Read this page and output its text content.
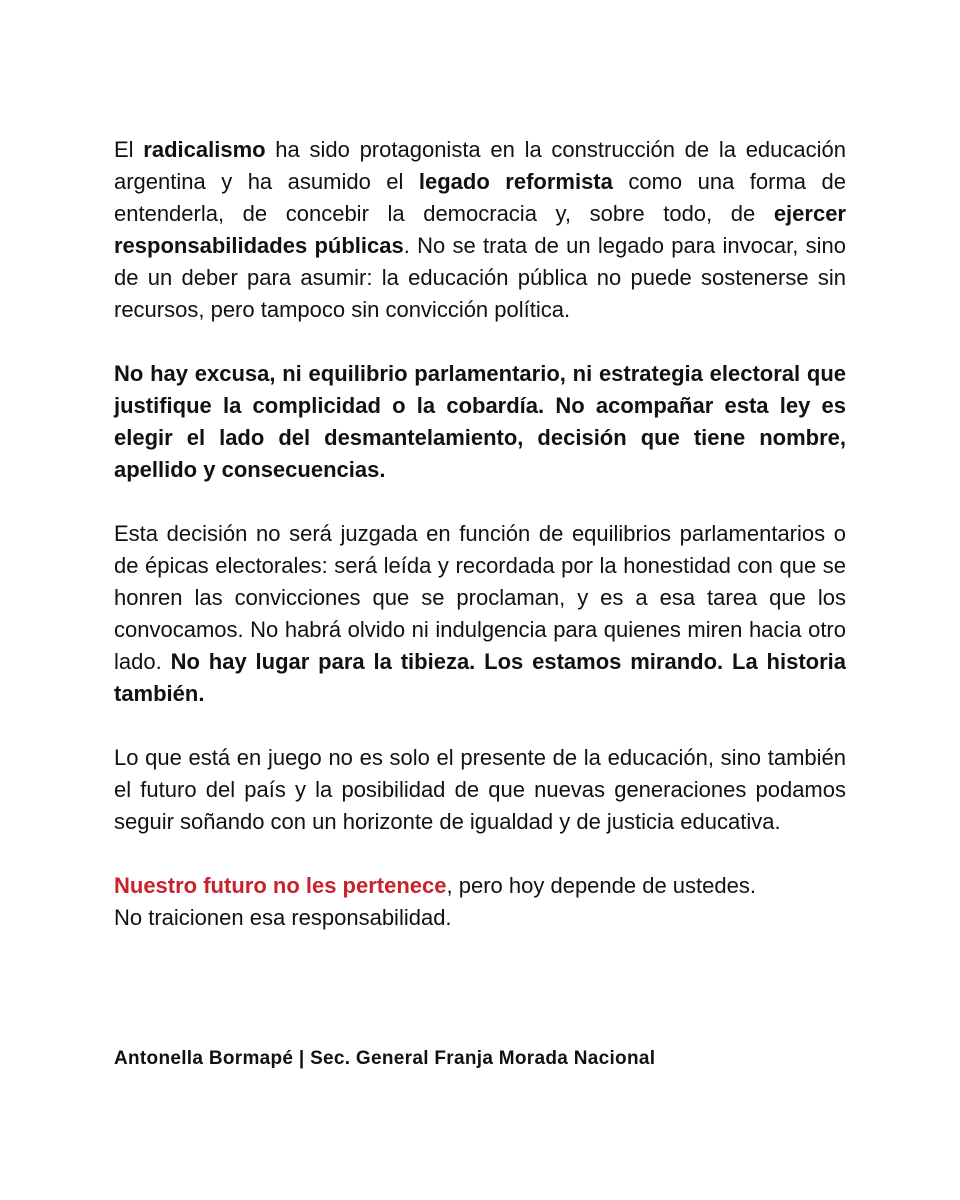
El radicalismo ha sido protagonista en la construcción de la educación argentina y ha asumido el legado reformista como una forma de entenderla, de concebir la democracia y, sobre todo, de ejercer responsabilidades públicas. No se trata de un legado para invocar, sino de un deber para asumir: la educación pública no puede sostenerse sin recursos, pero tampoco sin convicción política.

No hay excusa, ni equilibrio parlamentario, ni estrategia electoral que justifique la complicidad o la cobardía. No acompañar esta ley es elegir el lado del desmantelamiento, decisión que tiene nombre, apellido y consecuencias.

Esta decisión no será juzgada en función de equilibrios parlamentarios o de épicas electorales: será leída y recordada por la honestidad con que se honren las convicciones que se proclaman, y es a esa tarea que los convocamos. No habrá olvido ni indulgencia para quienes miren hacia otro lado. No hay lugar para la tibieza. Los estamos mirando. La historia también.

Lo que está en juego no es solo el presente de la educación, sino también el futuro del país y la posibilidad de que nuevas generaciones podamos seguir soñando con un horizonte de igualdad y de justicia educativa.

Nuestro futuro no les pertenece, pero hoy depende de ustedes.
No traicionen esa responsabilidad.

Antonella Bormapé | Sec. General Franja Morada Nacional
